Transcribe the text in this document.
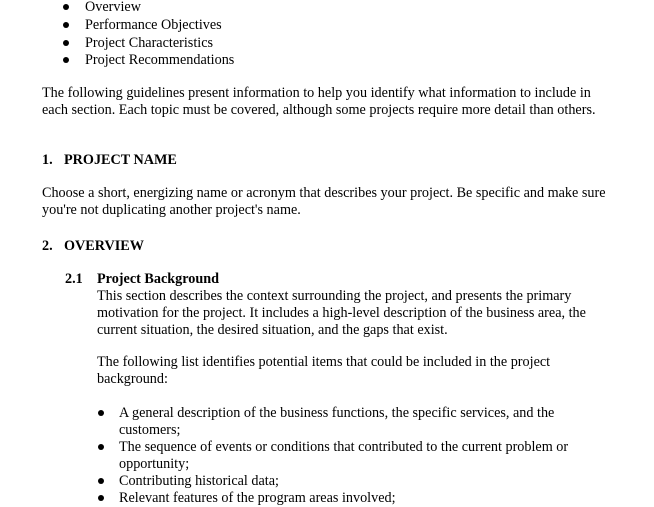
Overview
Performance Objectives
Project Characteristics
Project Recommendations

The following guidelines present information to help you identify what information to include in each section. Each topic must be covered, although some projects require more detail than others.

1. PROJECT NAME

Choose a short, energizing name or acronym that describes your project. Be specific and make sure you're not duplicating another project's name.

2. OVERVIEW
2.1 Project Background

This section describes the context surrounding the project, and presents the primary motivation for the project. It includes a high-level description of the business area, the current situation, the desired situation, and the gaps that exist.

The following list identifies potential items that could be included in the project background:

A general description of the business functions, the specific services, and the customers;
The sequence of events or conditions that contributed to the current problem or opportunity;
Contributing historical data;
Relevant features of the program areas involved;
